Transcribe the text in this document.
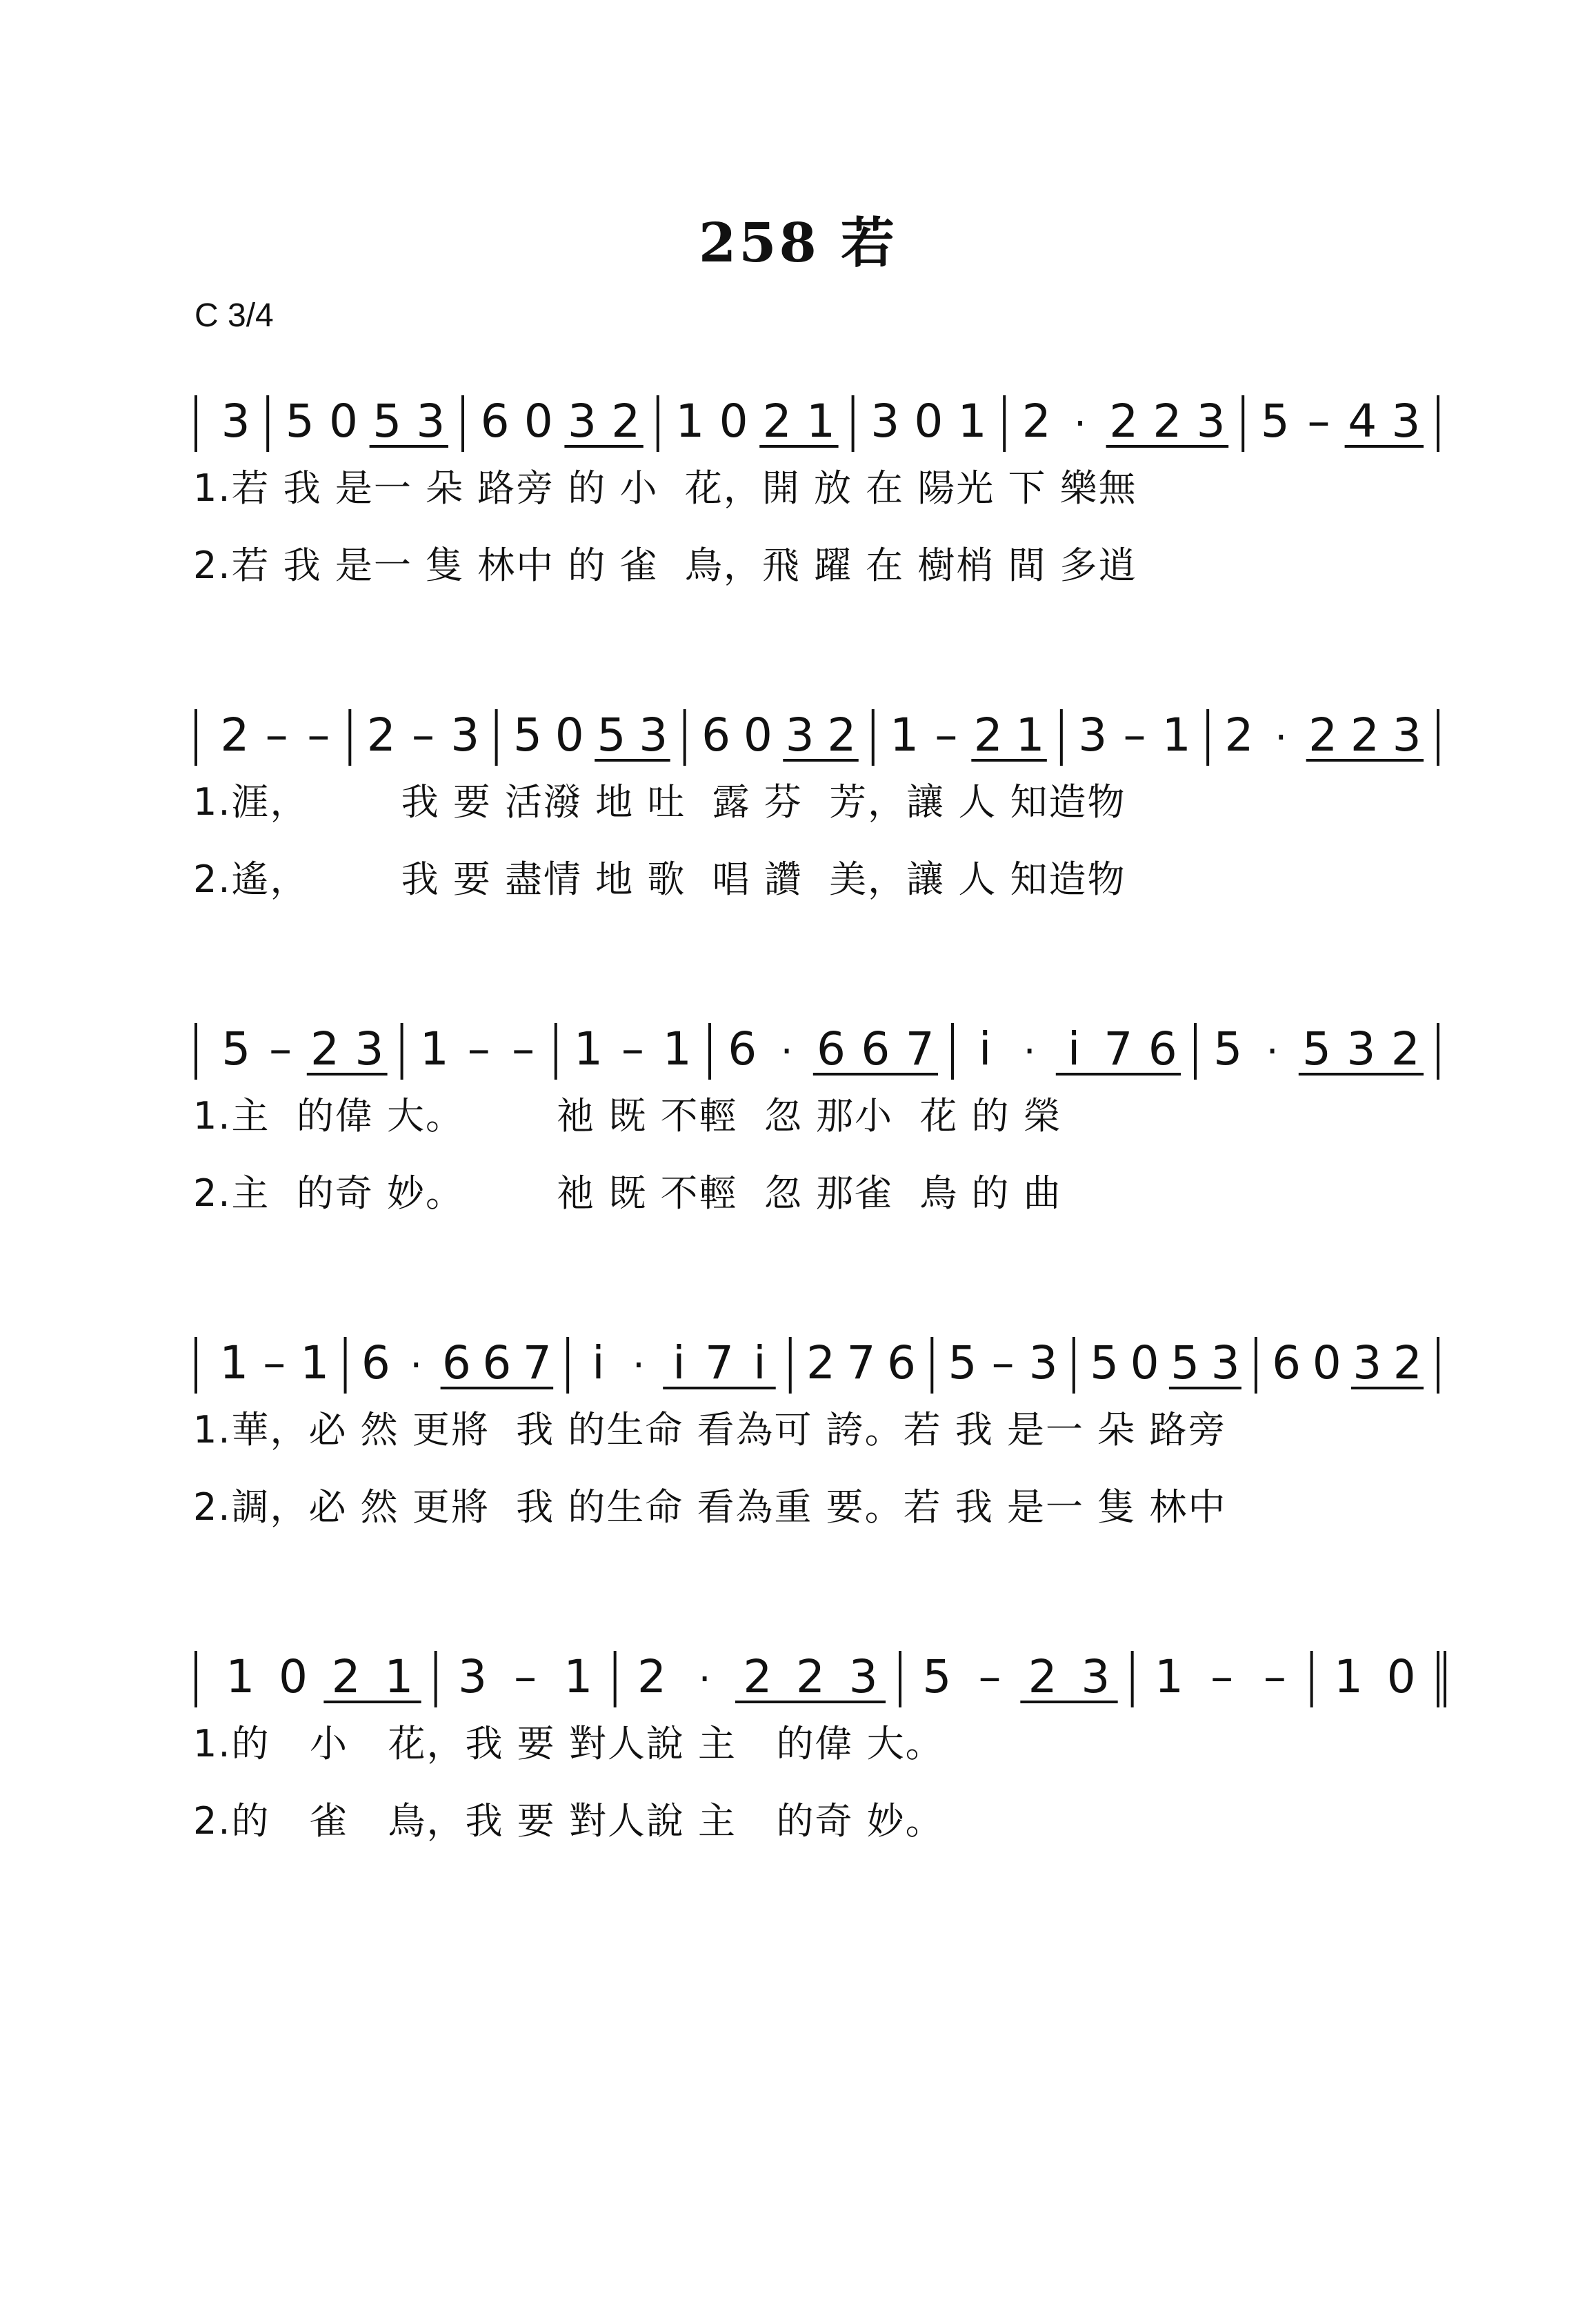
258 若
C 3/4
3 5 0 5 3 6 0 3 2 1 0 2 1 3 0 1 2 · 2 2 3 5 – 4 3
1.若 我 是一 朵 路旁 的 小  花，開 放 在 陽光 下 樂無
2.若 我 是一 隻 林中 的 雀  鳥，飛 躍 在 樹梢 間 多逍
2 – – 2 – 3 5 0 5 3 6 0 3 2 1 – 2 1 3 – 1 2 · 2 2 3
1.涯，       我 要 活潑 地 吐  露 芬  芳，讓 人 知造物
2.遙，       我 要 盡情 地 歌  唱 讚  美，讓 人 知造物
5 – 2 3 1 – – 1 – 1 6 · 6 6 7 i · i 7 6 5 · 5 3 2
1.主  的偉 大。       祂 既 不輕  忽 那小  花 的 榮
2.主  的奇 妙。       祂 既 不輕  忽 那雀  鳥 的 曲
1 – 1 6 · 6 6 7 i · i 7 i 2 7 6 5 – 3 5 0 5 3 6 0 3 2
1.華，必 然 更將  我 的生命 看為可 誇。若 我 是一 朵 路旁
2.調，必 然 更將  我 的生命 看為重 要。若 我 是一 隻 林中
1 0 2 1 3 – 1 2 · 2 2 3 5 – 2 3 1 – – 1 0
1.的   小   花，我 要 對人說 主   的偉 大。
2.的   雀   鳥，我 要 對人說 主   的奇 妙。
